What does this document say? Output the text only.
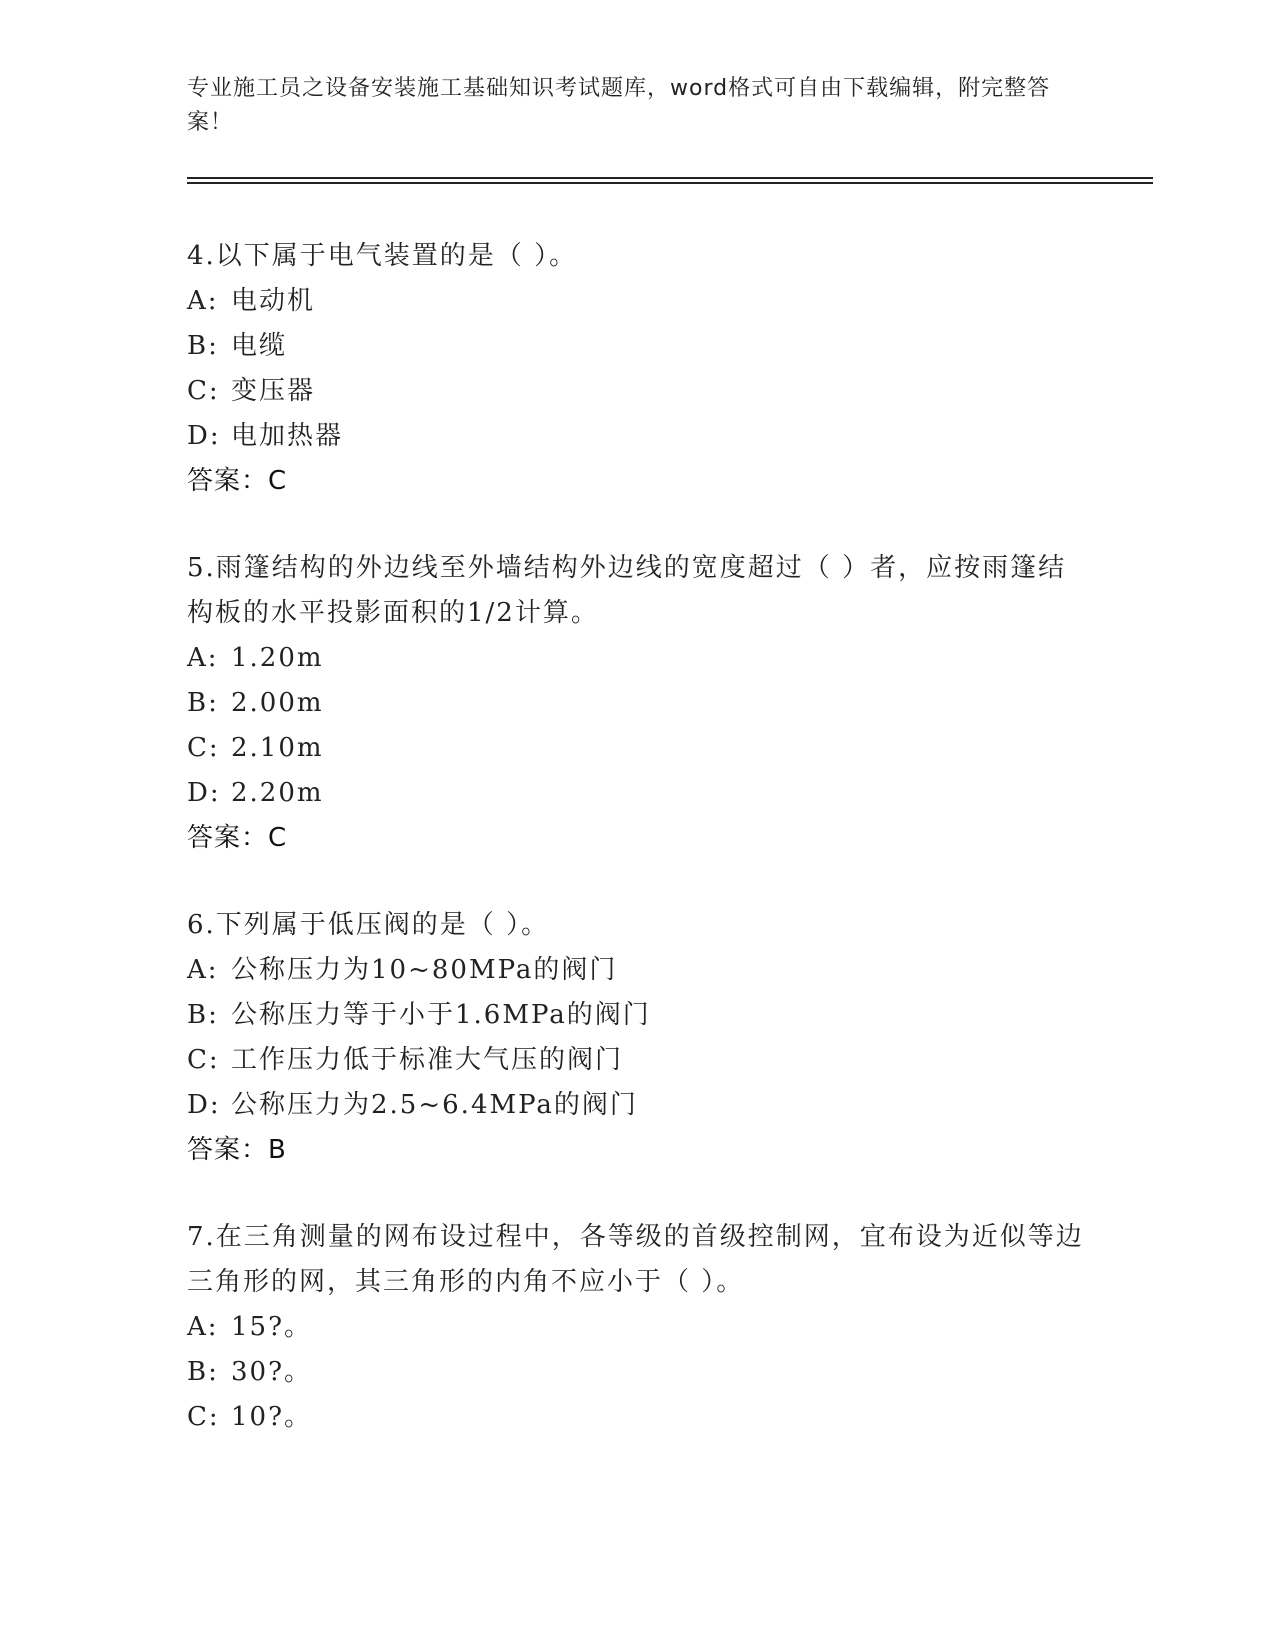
专业施工员之设备安装施工基础知识考试题库，word格式可自由下载编辑，附完整答案！

4.以下属于电气装置的是（ ）。

A: 电动机

B: 电缆

C: 变压器

D: 电加热器

答案：C

5.雨篷结构的外边线至外墙结构外边线的宽度超过（ ）者，应按雨篷结构板的水平投影面积的1/2计算。

A: 1.20m

B: 2.00m

C: 2.10m

D: 2.20m

答案：C

6.下列属于低压阀的是（ ）。

A: 公称压力为10~80MPa的阀门

B: 公称压力等于小于1.6MPa的阀门

C: 工作压力低于标准大气压的阀门

D: 公称压力为2.5~6.4MPa的阀门

答案：B

7.在三角测量的网布设过程中，各等级的首级控制网，宜布设为近似等边三角形的网，其三角形的内角不应小于（ ）。

A: 15?。

B: 30?。

C: 10?。
